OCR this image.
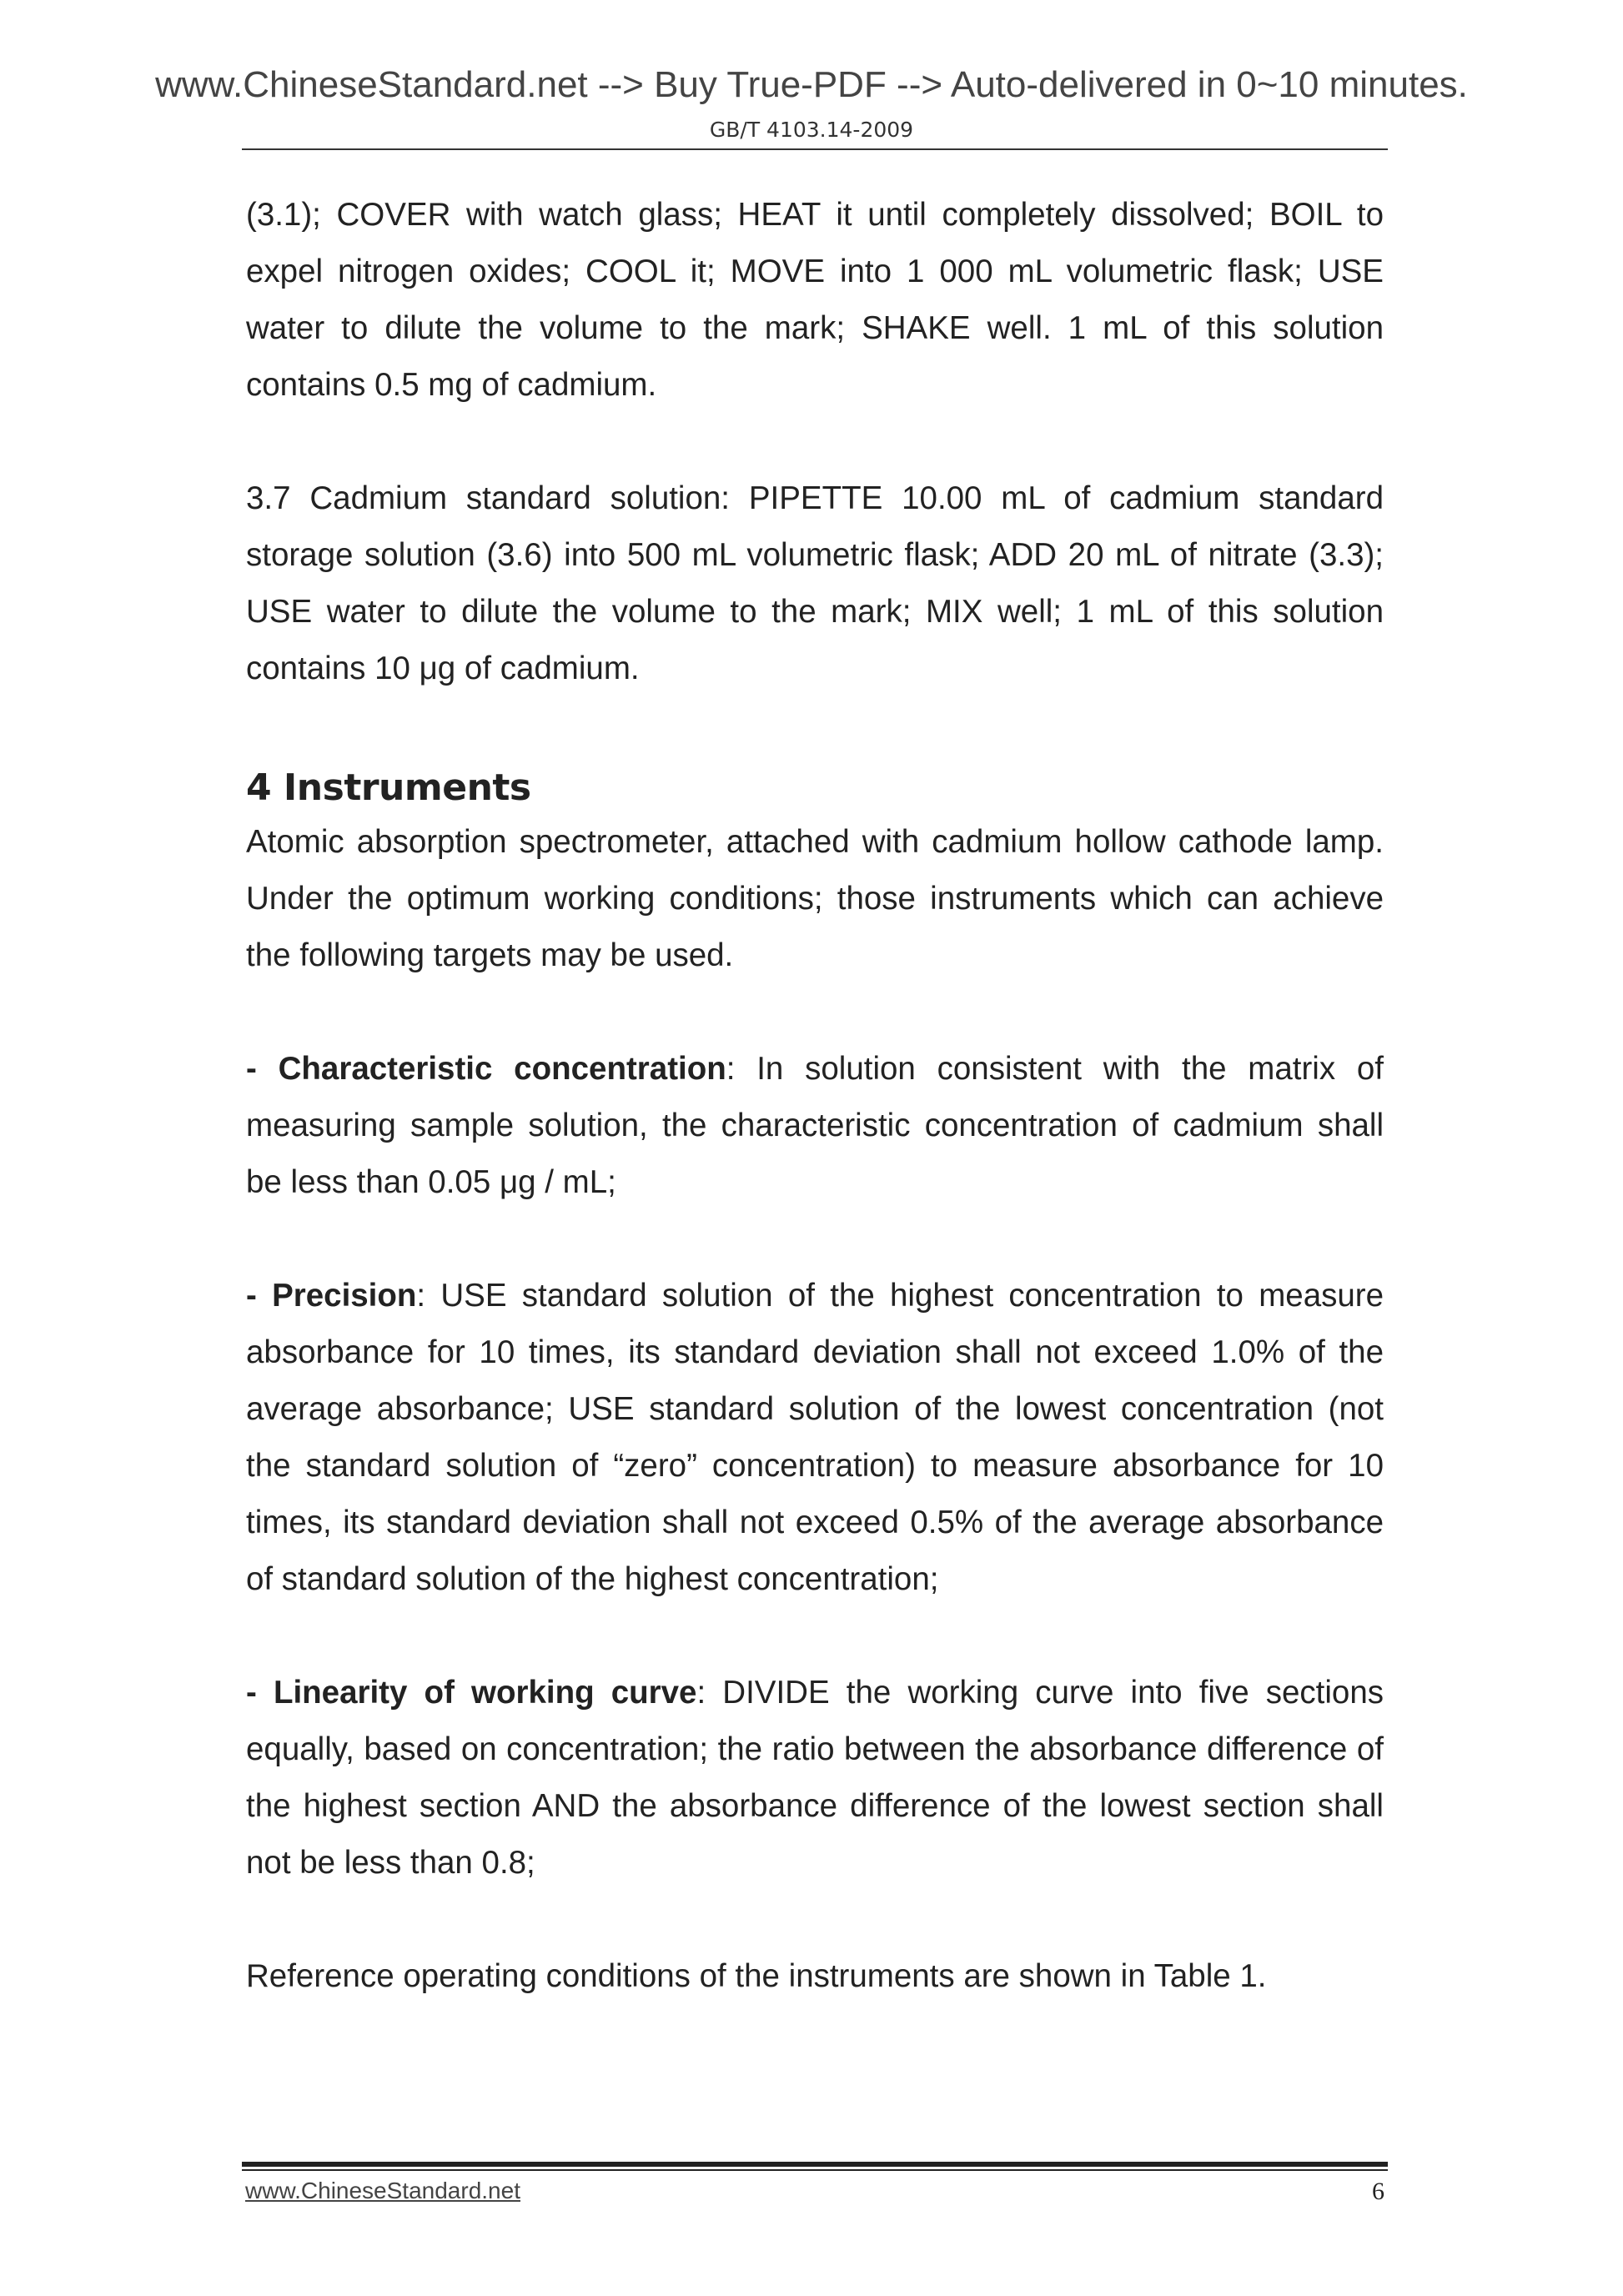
www.ChineseStandard.net --> Buy True-PDF --> Auto-delivered in 0~10 minutes.
GB/T 4103.14-2009

(3.1); COVER with watch glass; HEAT it until completely dissolved; BOIL to expel nitrogen oxides; COOL it; MOVE into 1 000 mL volumetric flask; USE water to dilute the volume to the mark; SHAKE well. 1 mL of this solution contains 0.5 mg of cadmium.

3.7 Cadmium standard solution: PIPETTE 10.00 mL of cadmium standard storage solution (3.6) into 500 mL volumetric flask; ADD 20 mL of nitrate (3.3); USE water to dilute the volume to the mark; MIX well; 1 mL of this solution contains 10 μg of cadmium.

4 Instruments

Atomic absorption spectrometer, attached with cadmium hollow cathode lamp. Under the optimum working conditions; those instruments which can achieve the following targets may be used.

- Characteristic concentration: In solution consistent with the matrix of measuring sample solution, the characteristic concentration of cadmium shall be less than 0.05 μg / mL;

- Precision: USE standard solution of the highest concentration to measure absorbance for 10 times, its standard deviation shall not exceed 1.0% of the average absorbance; USE standard solution of the lowest concentration (not the standard solution of “zero” concentration) to measure absorbance for 10 times, its standard deviation shall not exceed 0.5% of the average absorbance of standard solution of the highest concentration;

- Linearity of working curve: DIVIDE the working curve into five sections equally, based on concentration; the ratio between the absorbance difference of the highest section AND the absorbance difference of the lowest section shall not be less than 0.8;

Reference operating conditions of the instruments are shown in Table 1.

www.ChineseStandard.net	6
